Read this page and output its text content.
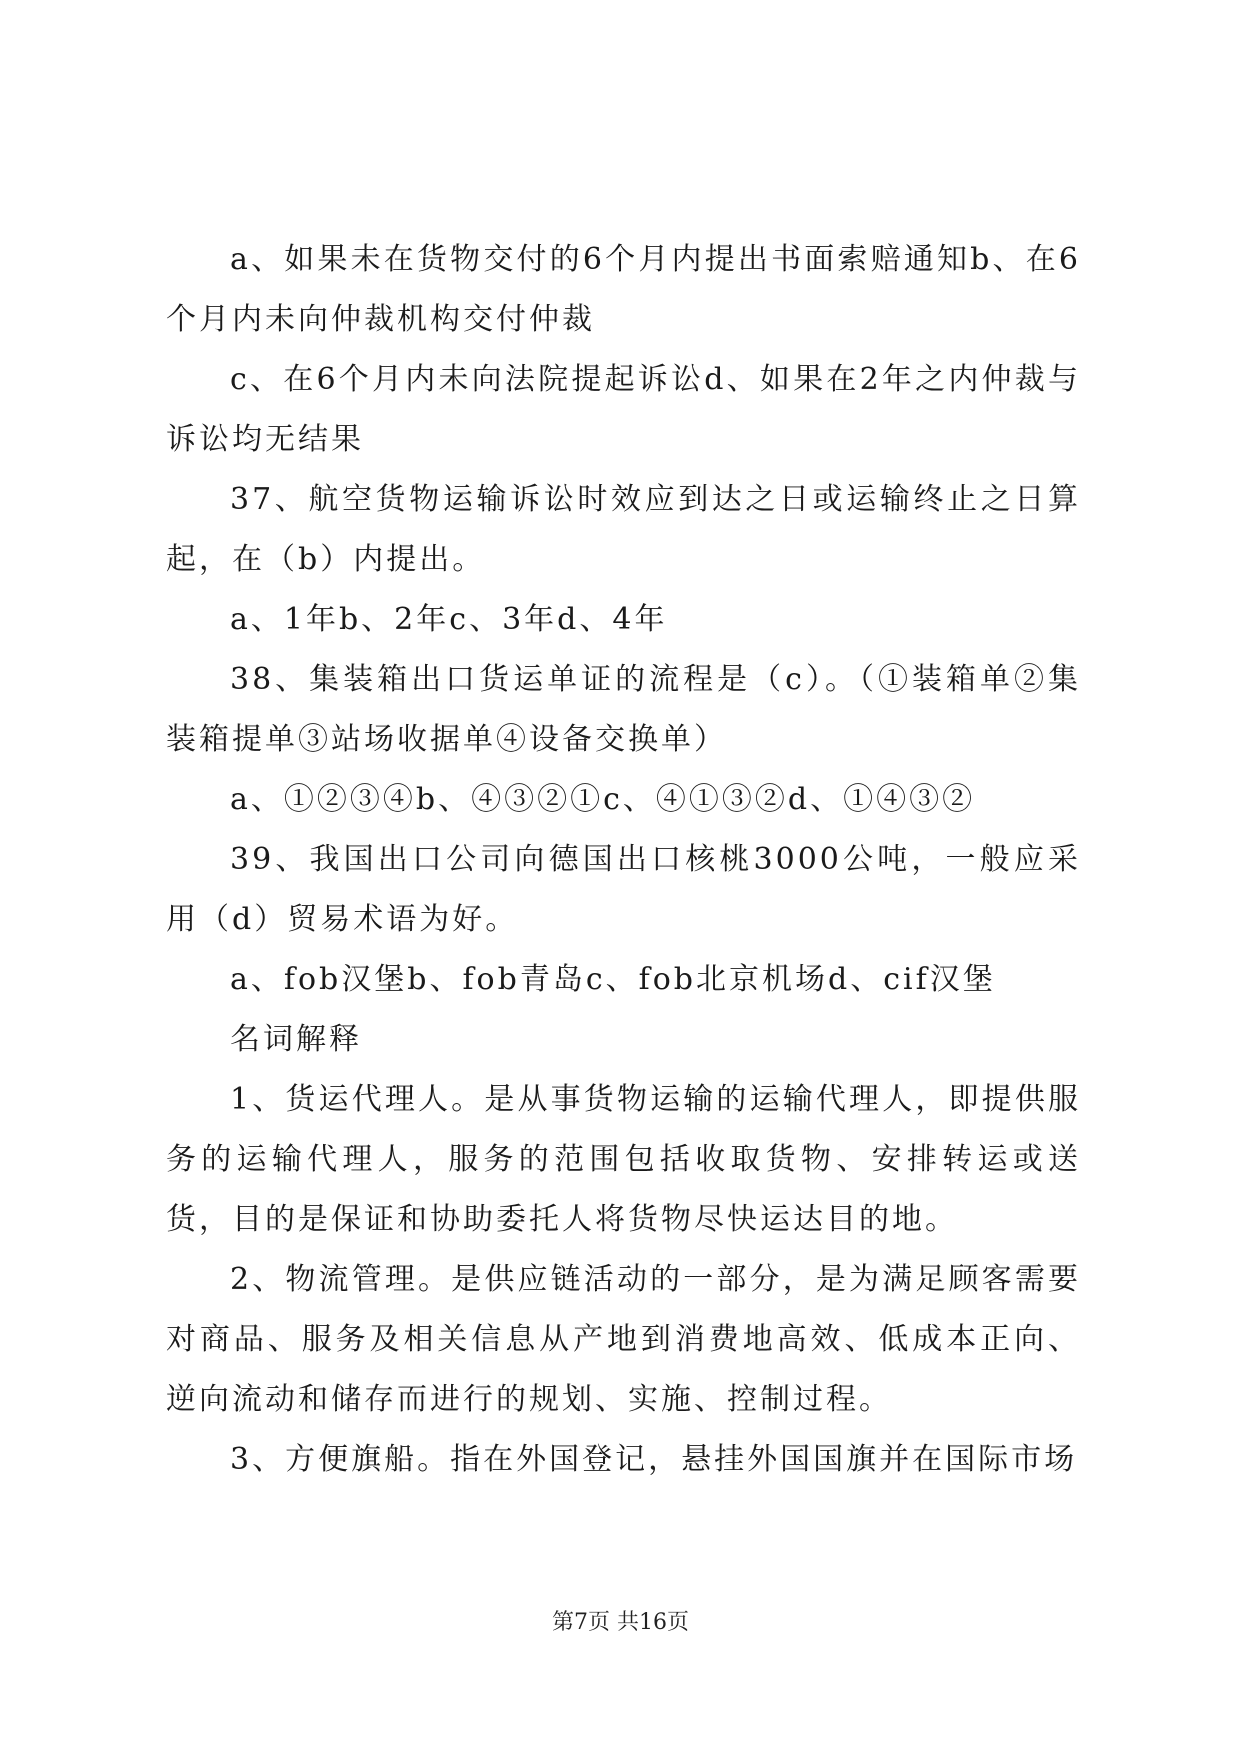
a、如果未在货物交付的6个月内提出书面索赔通知b、在6个月内未向仲裁机构交付仲裁

c、在6个月内未向法院提起诉讼d、如果在2年之内仲裁与诉讼均无结果

37、航空货物运输诉讼时效应到达之日或运输终止之日算起，在（b）内提出。

a、1年b、2年c、3年d、4年

38、集装箱出口货运单证的流程是（c）。（①装箱单②集装箱提单③站场收据单④设备交换单）

a、①②③④b、④③②①c、④①③②d、①④③②

39、我国出口公司向德国出口核桃3000公吨，一般应采用（d）贸易术语为好。

a、fob汉堡b、fob青岛c、fob北京机场d、cif汉堡

名词解释

1、货运代理人。是从事货物运输的运输代理人，即提供服务的运输代理人，服务的范围包括收取货物、安排转运或送货，目的是保证和协助委托人将货物尽快运达目的地。

2、物流管理。是供应链活动的一部分，是为满足顾客需要对商品、服务及相关信息从产地到消费地高效、低成本正向、逆向流动和储存而进行的规划、实施、控制过程。

3、方便旗船。指在外国登记，悬挂外国国旗并在国际市场

第7页 共16页
